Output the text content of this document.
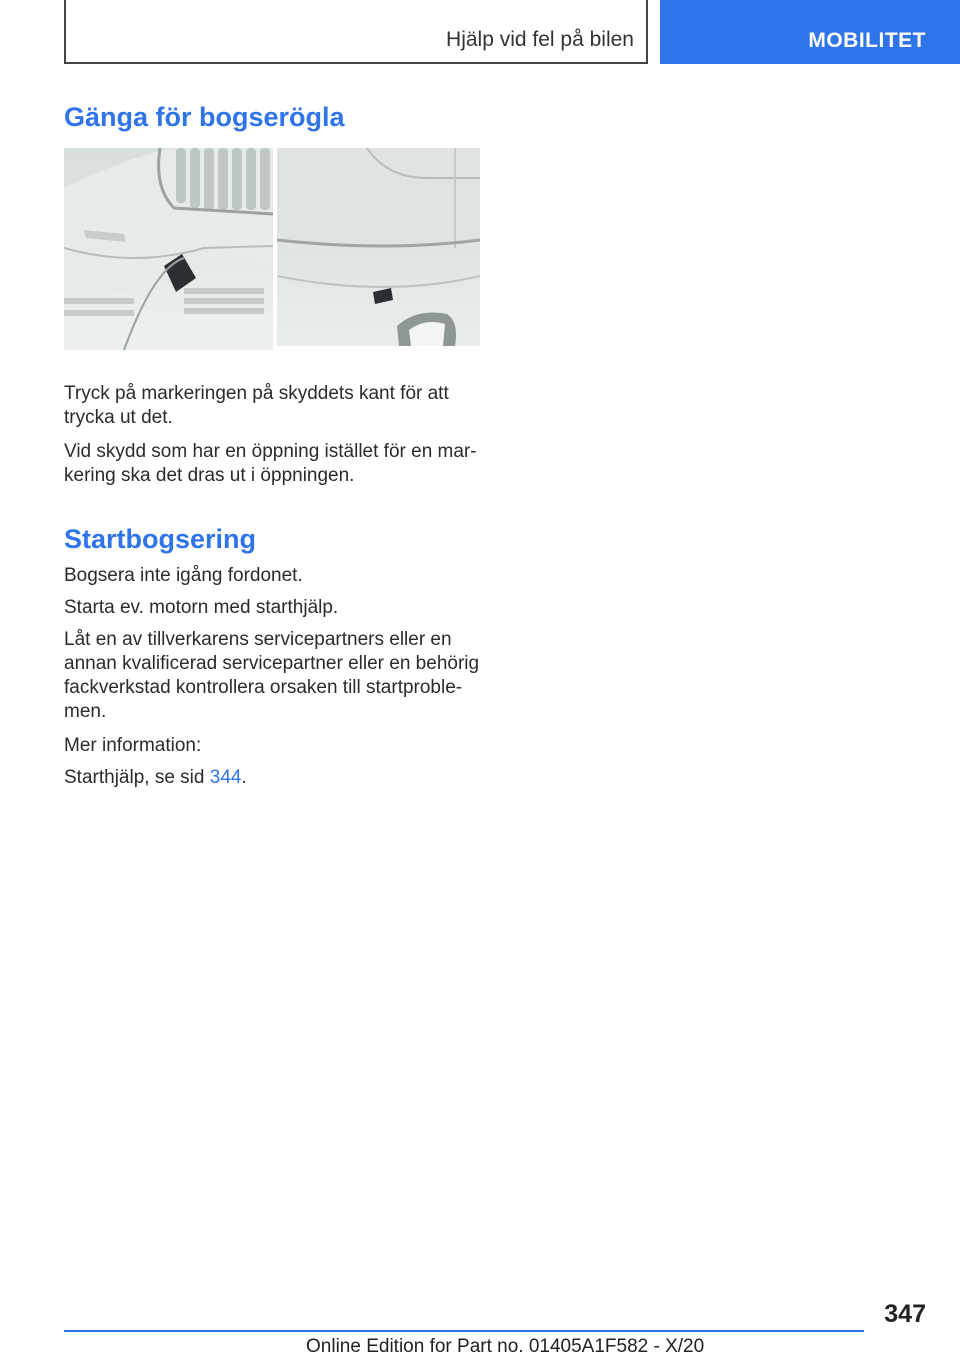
Hjälp vid fel på bilen	MOBILITET
Gänga för bogserögla

Tryck på markeringen på skyddets kant för att trycka ut det.

Vid skydd som har en öppning istället för en mar-kering ska det dras ut i öppningen.

Startbogsering

Bogsera inte igång fordonet.

Starta ev. motorn med starthjälp.

Låt en av tillverkarens servicepartners eller en annan kvalificerad servicepartner eller en behörig fackverkstad kontrollera orsaken till startproble-men.

Mer information:

Starthjälp, se sid 344.

347
Online Edition for Part no. 01405A1F582 - X/20
